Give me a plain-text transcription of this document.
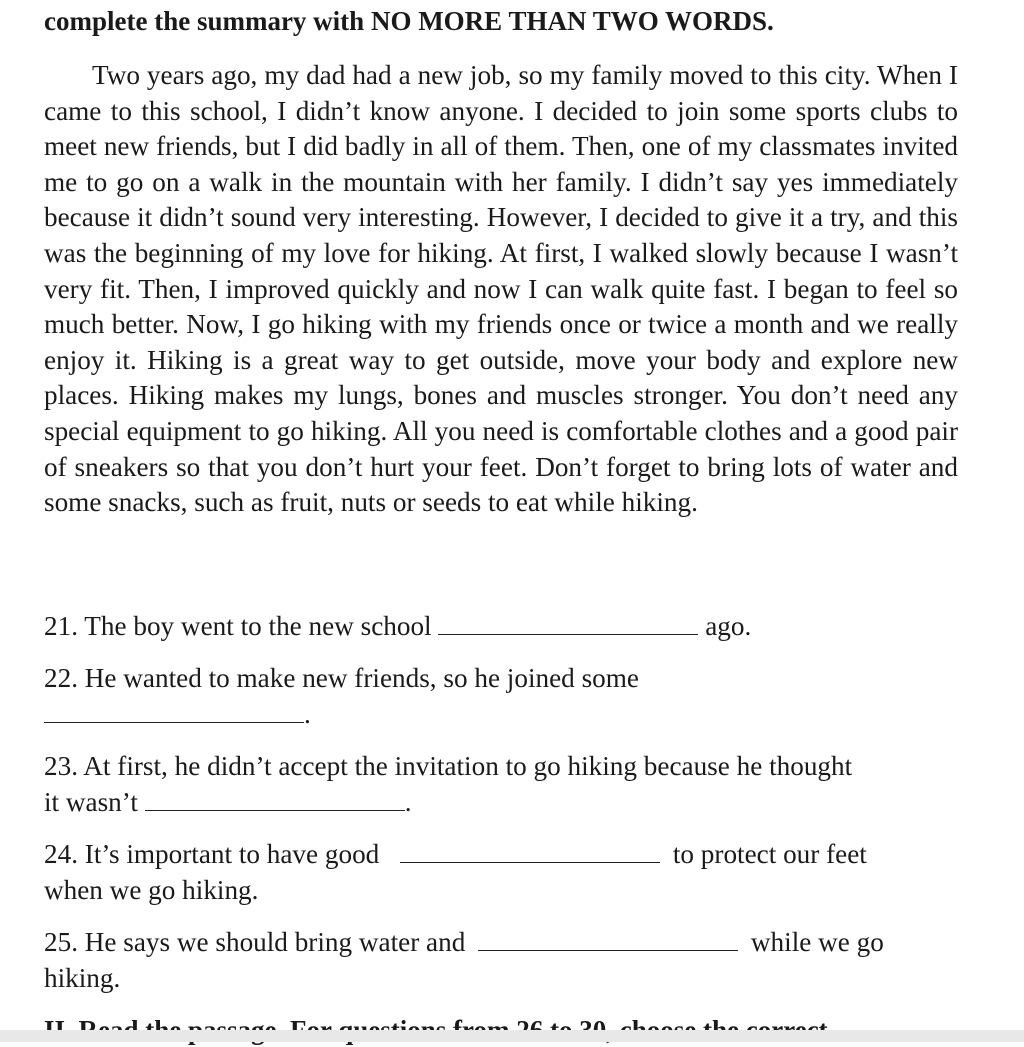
complete the summary with NO MORE THAN TWO WORDS.

Two years ago, my dad had a new job, so my family moved to this city. When I came to this school, I didn’t know anyone. I decided to join some sports clubs to meet new friends, but I did badly in all of them. Then, one of my classmates invited me to go on a walk in the mountain with her family. I didn’t say yes immediately because it didn’t sound very interesting. However, I decided to give it a try, and this was the beginning of my love for hiking. At first, I walked slowly because I wasn’t very fit. Then, I improved quickly and now I can walk quite fast. I began to feel so much better. Now, I go hiking with my friends once or twice a month and we really enjoy it. Hiking is a great way to get outside, move your body and explore new places. Hiking makes my lungs, bones and muscles stronger. You don’t need any special equipment to go hiking. All you need is comfortable clothes and a good pair of sneakers so that you don’t hurt your feet. Don’t forget to bring lots of water and some snacks, such as fruit, nuts or seeds to eat while hiking.

21. The boy went to the new school	ago.
22. He wanted to make new friends, so he joined some
.
23. At first, he didn’t accept the invitation to go hiking because he thought
it wasn’t	.
24. It’s important to have good	to protect our feet
when we go hiking.
25. He says we should bring water and	while we go
hiking.
